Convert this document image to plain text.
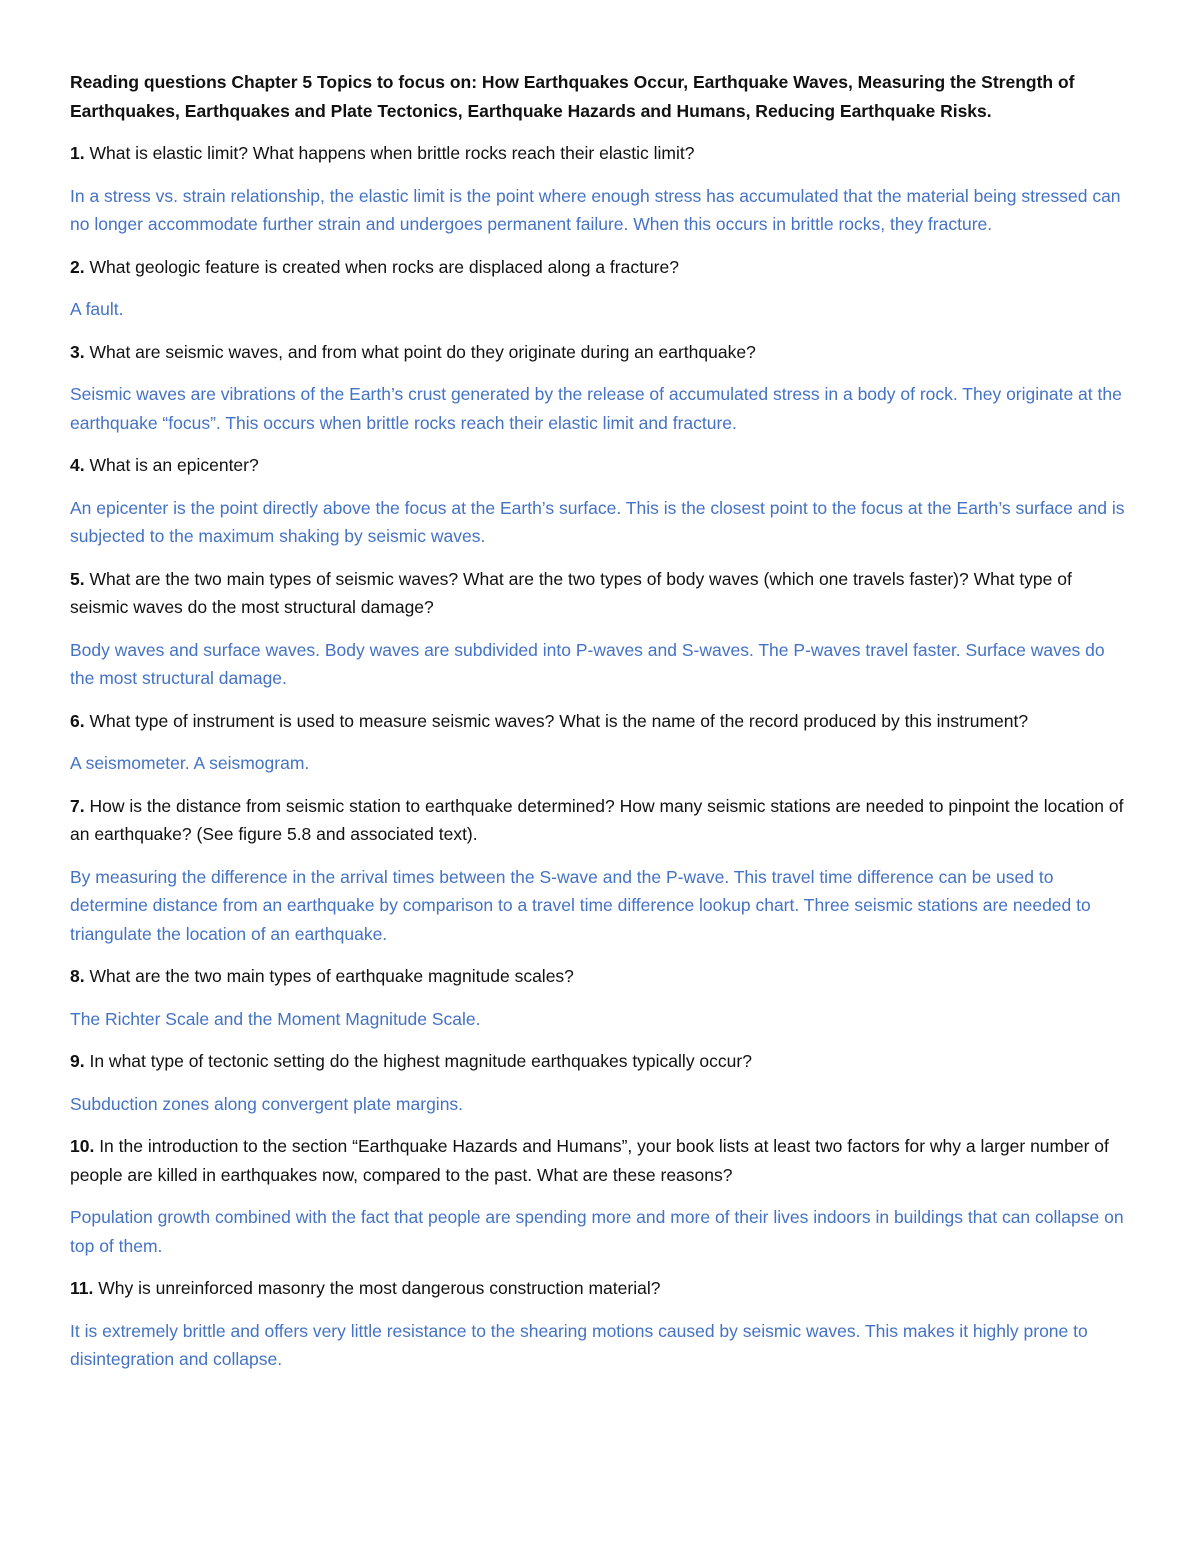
Reading questions Chapter 5 Topics to focus on: How Earthquakes Occur, Earthquake Waves, Measuring the Strength of Earthquakes, Earthquakes and Plate Tectonics, Earthquake Hazards and Humans, Reducing Earthquake Risks.

1. What is elastic limit? What happens when brittle rocks reach their elastic limit?

In a stress vs. strain relationship, the elastic limit is the point where enough stress has accumulated that the material being stressed can no longer accommodate further strain and undergoes permanent failure. When this occurs in brittle rocks, they fracture.

2. What geologic feature is created when rocks are displaced along a fracture?

A fault.

3. What are seismic waves, and from what point do they originate during an earthquake?

Seismic waves are vibrations of the Earth’s crust generated by the release of accumulated stress in a body of rock. They originate at the earthquake “focus”. This occurs when brittle rocks reach their elastic limit and fracture.

4. What is an epicenter?

An epicenter is the point directly above the focus at the Earth’s surface. This is the closest point to the focus at the Earth’s surface and is subjected to the maximum shaking by seismic waves.

5. What are the two main types of seismic waves? What are the two types of body waves (which one travels faster)? What type of seismic waves do the most structural damage?

Body waves and surface waves. Body waves are subdivided into P-waves and S-waves. The P-waves travel faster. Surface waves do the most structural damage.

6. What type of instrument is used to measure seismic waves? What is the name of the record produced by this instrument?

A seismometer. A seismogram.

7. How is the distance from seismic station to earthquake determined? How many seismic stations are needed to pinpoint the location of an earthquake? (See figure 5.8 and associated text).

By measuring the difference in the arrival times between the S-wave and the P-wave. This travel time difference can be used to determine distance from an earthquake by comparison to a travel time difference lookup chart. Three seismic stations are needed to triangulate the location of an earthquake.

8. What are the two main types of earthquake magnitude scales?

The Richter Scale and the Moment Magnitude Scale.

9. In what type of tectonic setting do the highest magnitude earthquakes typically occur?

Subduction zones along convergent plate margins.

10. In the introduction to the section “Earthquake Hazards and Humans”, your book lists at least two factors for why a larger number of people are killed in earthquakes now, compared to the past. What are these reasons?

Population growth combined with the fact that people are spending more and more of their lives indoors in buildings that can collapse on top of them.

11. Why is unreinforced masonry the most dangerous construction material?

It is extremely brittle and offers very little resistance to the shearing motions caused by seismic waves. This makes it highly prone to disintegration and collapse.
